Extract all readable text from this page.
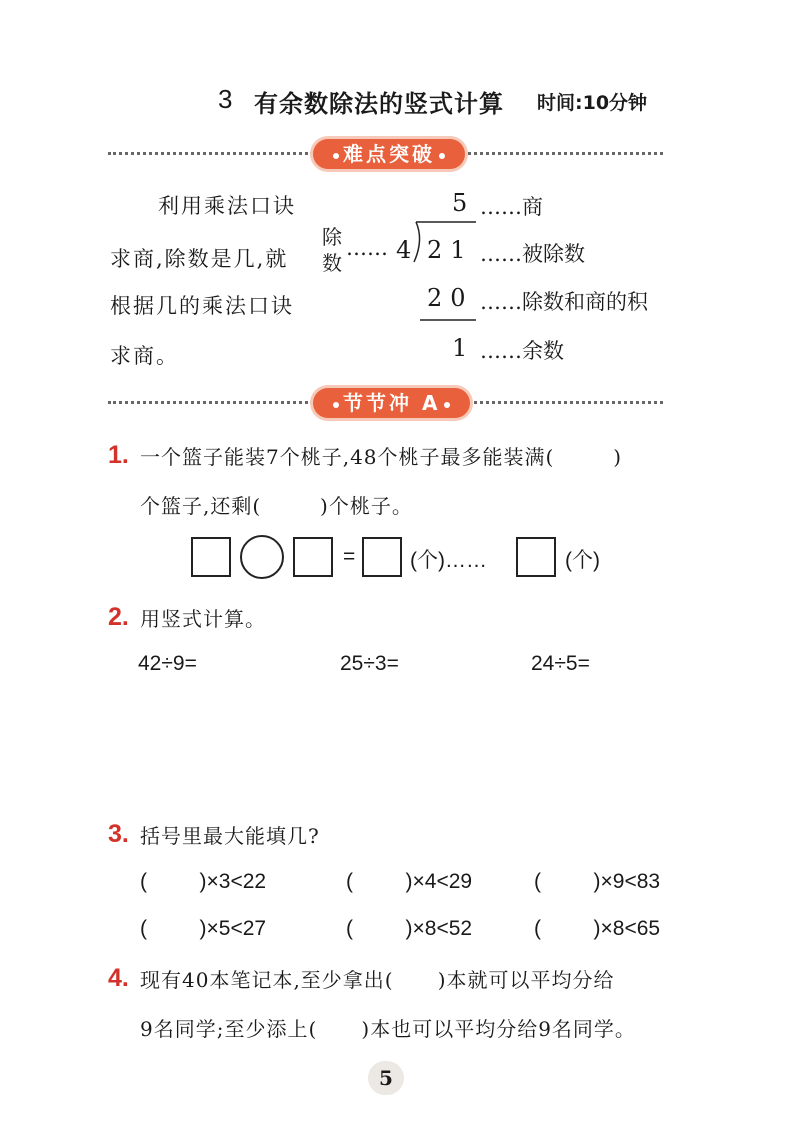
3 有余数除法的竖式计算 时间:10分钟
难点突破
利用乘法口诀
求商,除数是几,就
根据几的乘法口诀
求商。
除数
…… 4
5
21
20
1
……商
……被除数
……除数和商的积
……余数
节节冲 A
1. 一个篮子能装7个桃子,48个桃子最多能装满(        )
个篮子,还剩(        )个桃子。
=	(个)……	(个)
2. 用竖式计算。
42÷9=	25÷3=	24÷5=
3. 括号里最大能填几?
(         )×3<22	(         )×4<29	(         )×9<83
(         )×5<27	(         )×8<52	(         )×8<65
4. 现有40本笔记本,至少拿出(      )本就可以平均分给
9名同学;至少添上(      )本也可以平均分给9名同学。
5
